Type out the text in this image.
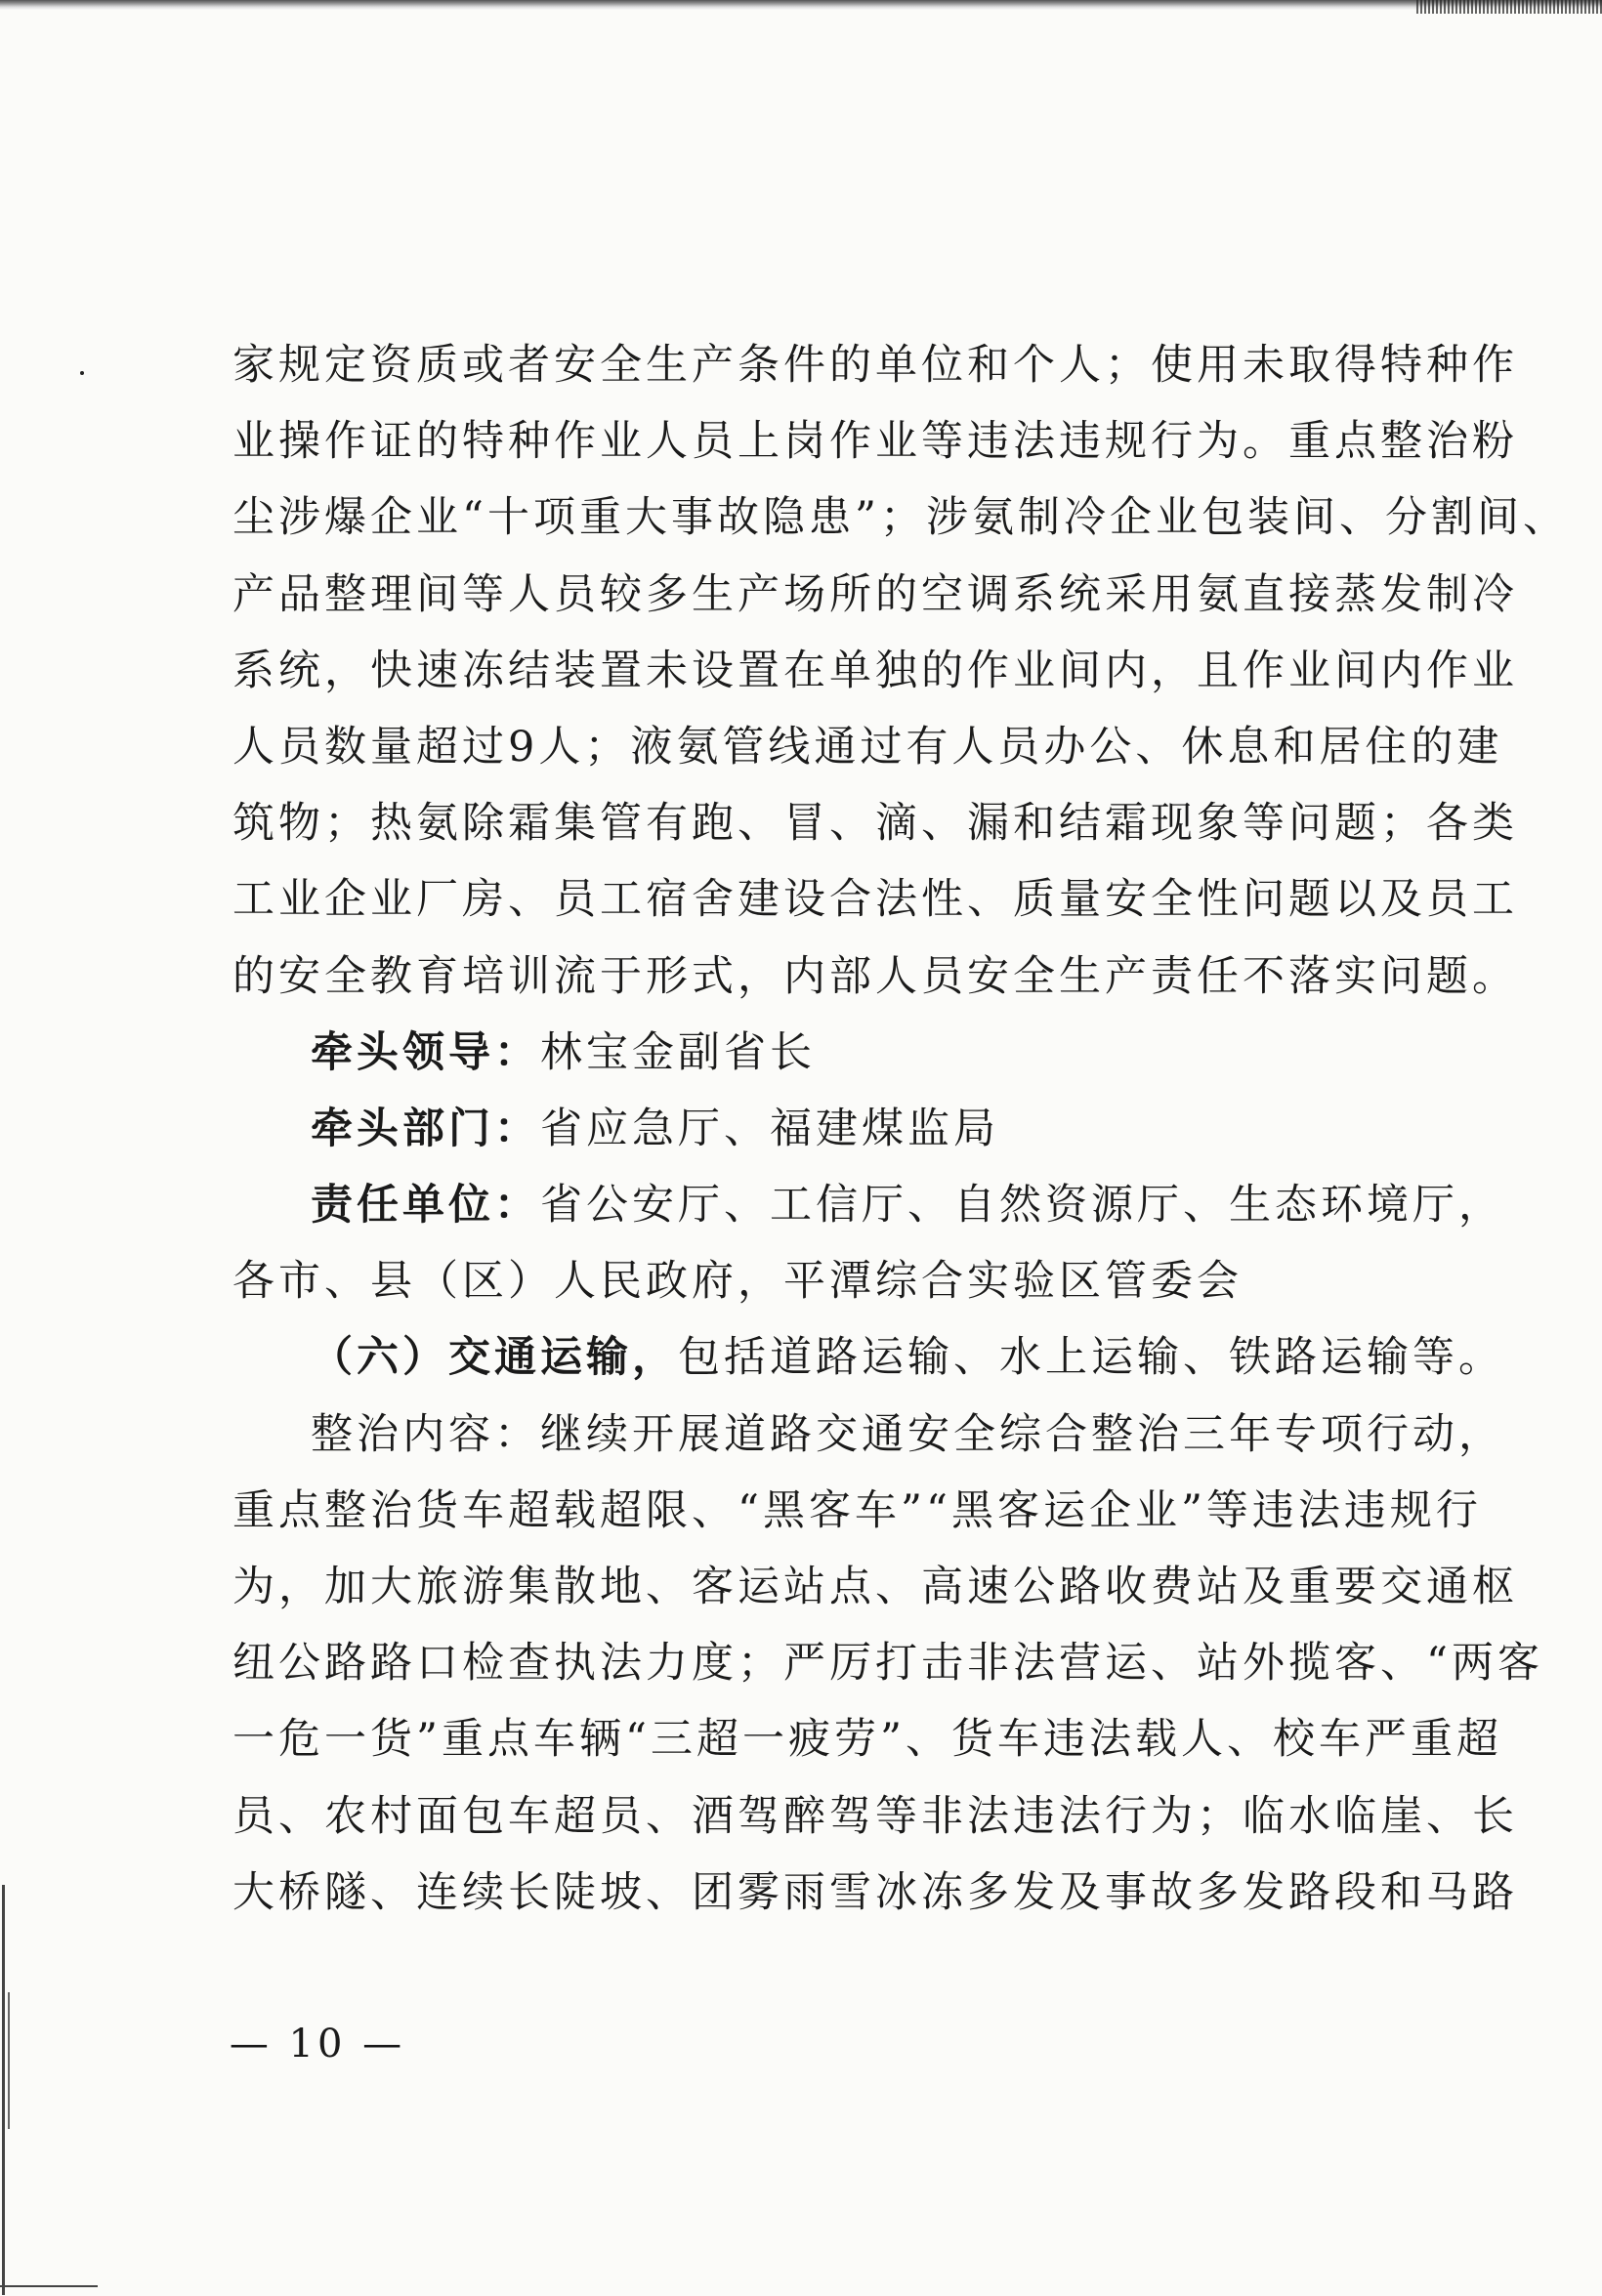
家规定资质或者安全生产条件的单位和个人；使用未取得特种作
业操作证的特种作业人员上岗作业等违法违规行为。重点整治粉
尘涉爆企业“十项重大事故隐患”；涉氨制冷企业包装间、分割间、
产品整理间等人员较多生产场所的空调系统采用氨直接蒸发制冷
系统，快速冻结装置未设置在单独的作业间内，且作业间内作业
人员数量超过9人；液氨管线通过有人员办公、休息和居住的建
筑物；热氨除霜集管有跑、冒、滴、漏和结霜现象等问题；各类
工业企业厂房、员工宿舍建设合法性、质量安全性问题以及员工
的安全教育培训流于形式，内部人员安全生产责任不落实问题。
牵头领导：林宝金副省长
牵头部门：省应急厅、福建煤监局
责任单位：省公安厅、工信厅、自然资源厅、生态环境厅，
各市、县（区）人民政府，平潭综合实验区管委会
（六）交通运输，包括道路运输、水上运输、铁路运输等。
整治内容：继续开展道路交通安全综合整治三年专项行动，
重点整治货车超载超限、“黑客车”“黑客运企业”等违法违规行
为，加大旅游集散地、客运站点、高速公路收费站及重要交通枢
纽公路路口检查执法力度；严厉打击非法营运、站外揽客、“两客
一危一货”重点车辆“三超一疲劳”、货车违法载人、校车严重超
员、农村面包车超员、酒驾醉驾等非法违法行为；临水临崖、长
大桥隧、连续长陡坡、团雾雨雪冰冻多发及事故多发路段和马路
— 10 —
